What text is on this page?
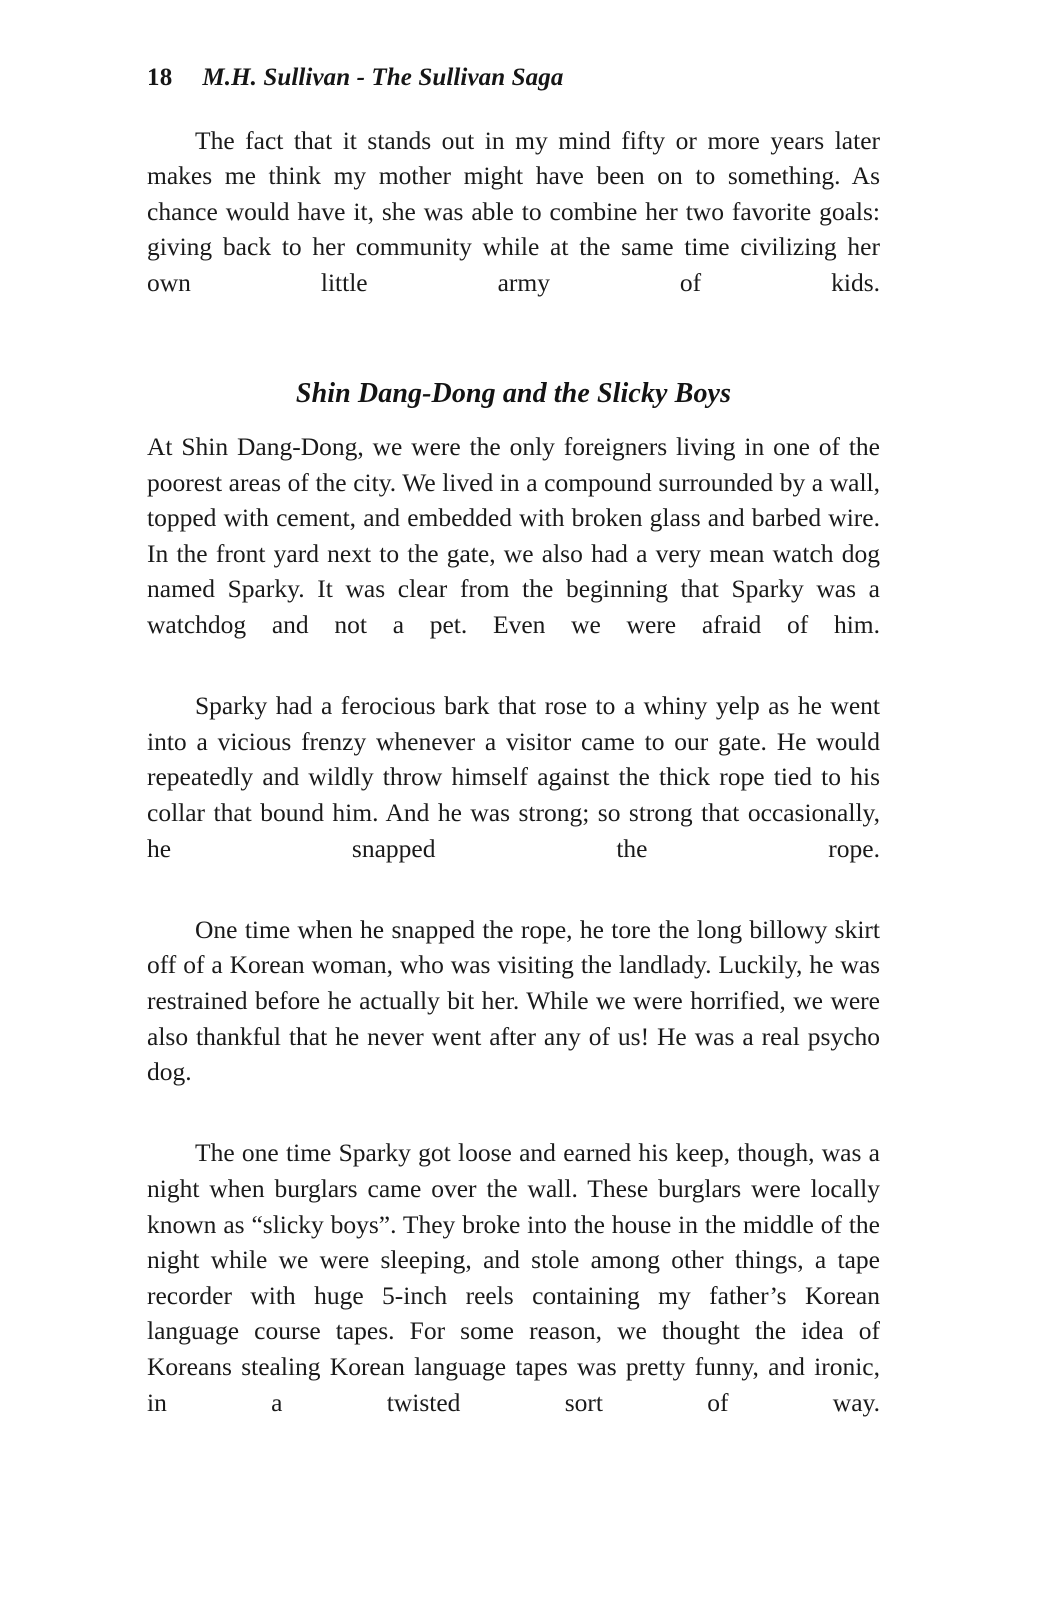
18 M.H. Sullivan - The Sullivan Saga

The fact that it stands out in my mind fifty or more years later makes me think my mother might have been on to something. As chance would have it, she was able to combine her two favorite goals: giving back to her community while at the same time civilizing her own little army of kids.

Shin Dang-Dong and the Slicky Boys

At Shin Dang-Dong, we were the only foreigners living in one of the poorest areas of the city. We lived in a compound surrounded by a wall, topped with cement, and embedded with broken glass and barbed wire. In the front yard next to the gate, we also had a very mean watch dog named Sparky. It was clear from the beginning that Sparky was a watchdog and not a pet. Even we were afraid of him.

Sparky had a ferocious bark that rose to a whiny yelp as he went into a vicious frenzy whenever a visitor came to our gate. He would repeatedly and wildly throw himself against the thick rope tied to his collar that bound him. And he was strong; so strong that occasionally, he snapped the rope.

One time when he snapped the rope, he tore the long billowy skirt off of a Korean woman, who was visiting the landlady. Luckily, he was restrained before he actually bit her. While we were horrified, we were also thankful that he never went after any of us! He was a real psycho dog.

The one time Sparky got loose and earned his keep, though, was a night when burglars came over the wall. These burglars were locally known as “slicky boys”. They broke into the house in the middle of the night while we were sleeping, and stole among other things, a tape recorder with huge 5-inch reels containing my father’s Korean language course tapes. For some reason, we thought the idea of Koreans stealing Korean language tapes was pretty funny, and ironic, in a twisted sort of way.
